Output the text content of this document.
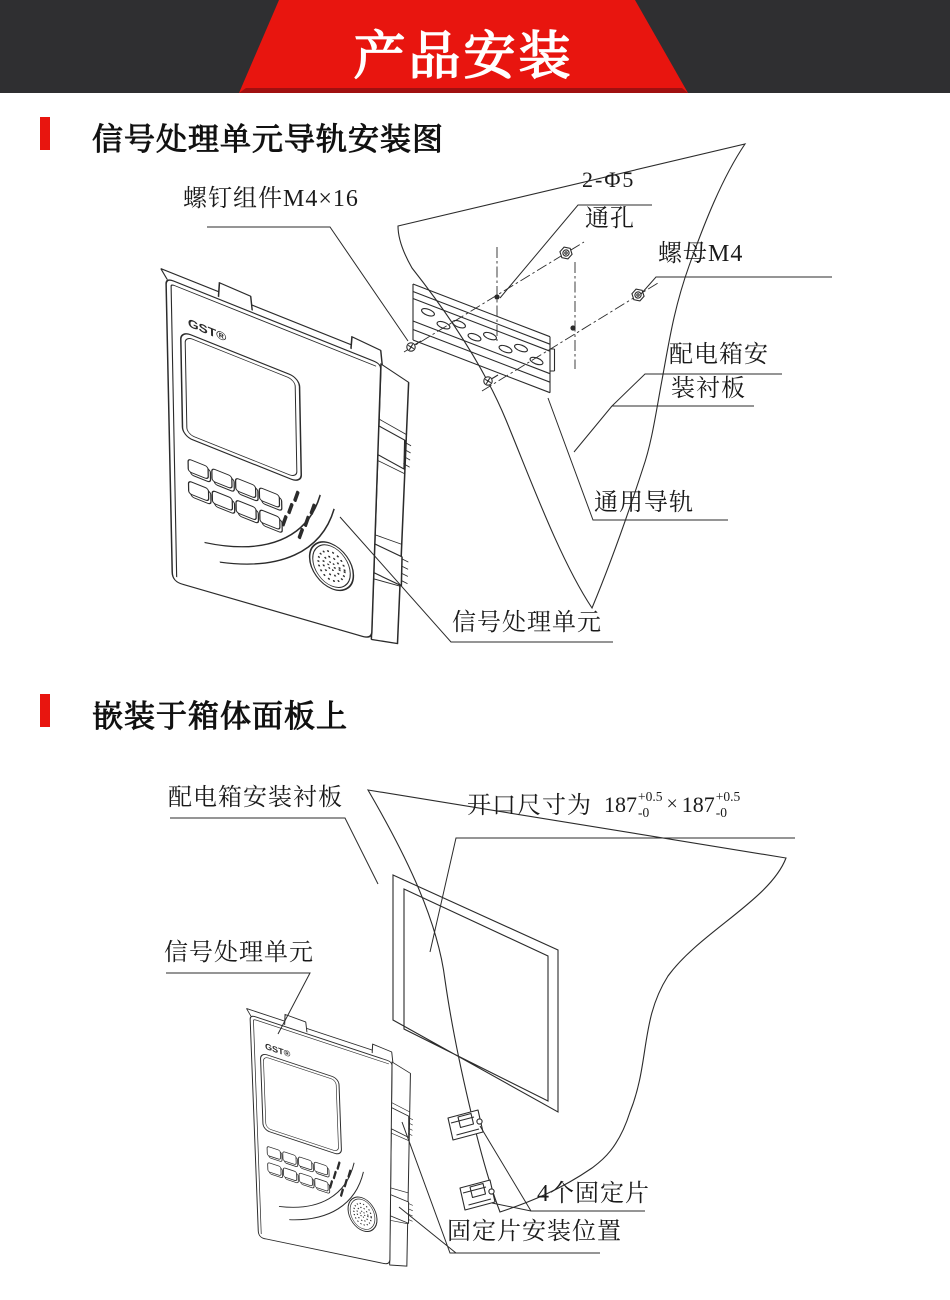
产品安装
信号处理单元导轨安装图
嵌装于箱体面板上
GST®
螺钉组件M4×16
2-Φ5
通孔
螺母M4
配电箱安
装衬板
通用导轨
信号处理单元
配电箱安装衬板	开口尺寸为 187 +0.5
-0 × 187 +0.5
-0
信号处理单元
4个固定片
固定片安装位置
